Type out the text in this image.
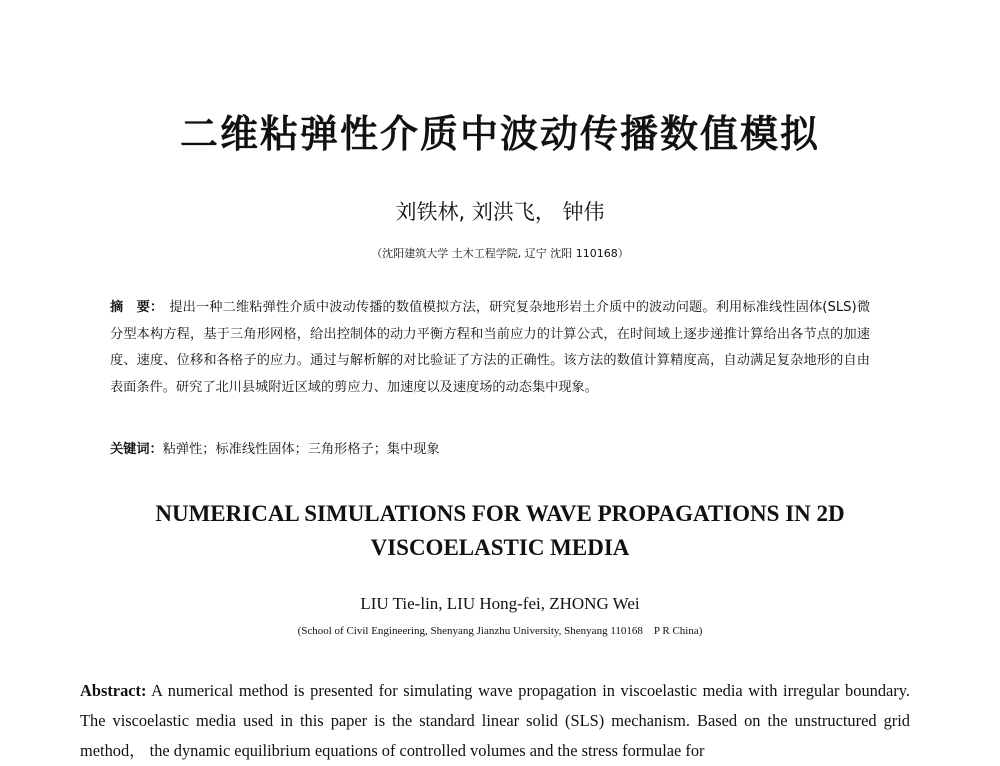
二维粘弹性介质中波动传播数值模拟

刘铁林, 刘洪飞， 钟伟

（沈阳建筑大学 土木工程学院, 辽宁 沈阳 110168）

摘　要： 提出一种二维粘弹性介质中波动传播的数值模拟方法，研究复杂地形岩土介质中的波动问题。利用标准线性固体(SLS)微分型本构方程，基于三角形网格，给出控制体的动力平衡方程和当前应力的计算公式，在时间域上逐步递推计算给出各节点的加速度、速度、位移和各格子的应力。通过与解析解的对比验证了方法的正确性。该方法的数值计算精度高，自动满足复杂地形的自由表面条件。研究了北川县城附近区域的剪应力、加速度以及速度场的动态集中现象。

关键词：粘弹性；标准线性固体；三角形格子；集中现象

NUMERICAL SIMULATIONS FOR WAVE PROPAGATIONS IN 2D VISCOELASTIC MEDIA

LIU Tie-lin, LIU Hong-fei, ZHONG Wei

(School of Civil Engineering, Shenyang Jianzhu University, Shenyang 110168　P R China)

Abstract: A numerical method is presented for simulating wave propagation in viscoelastic media with irregular boundary. The viscoelastic media used in this paper is the standard linear solid (SLS) mechanism. Based on the unstructured grid method， the dynamic equilibrium equations of controlled volumes and the stress formulae for
